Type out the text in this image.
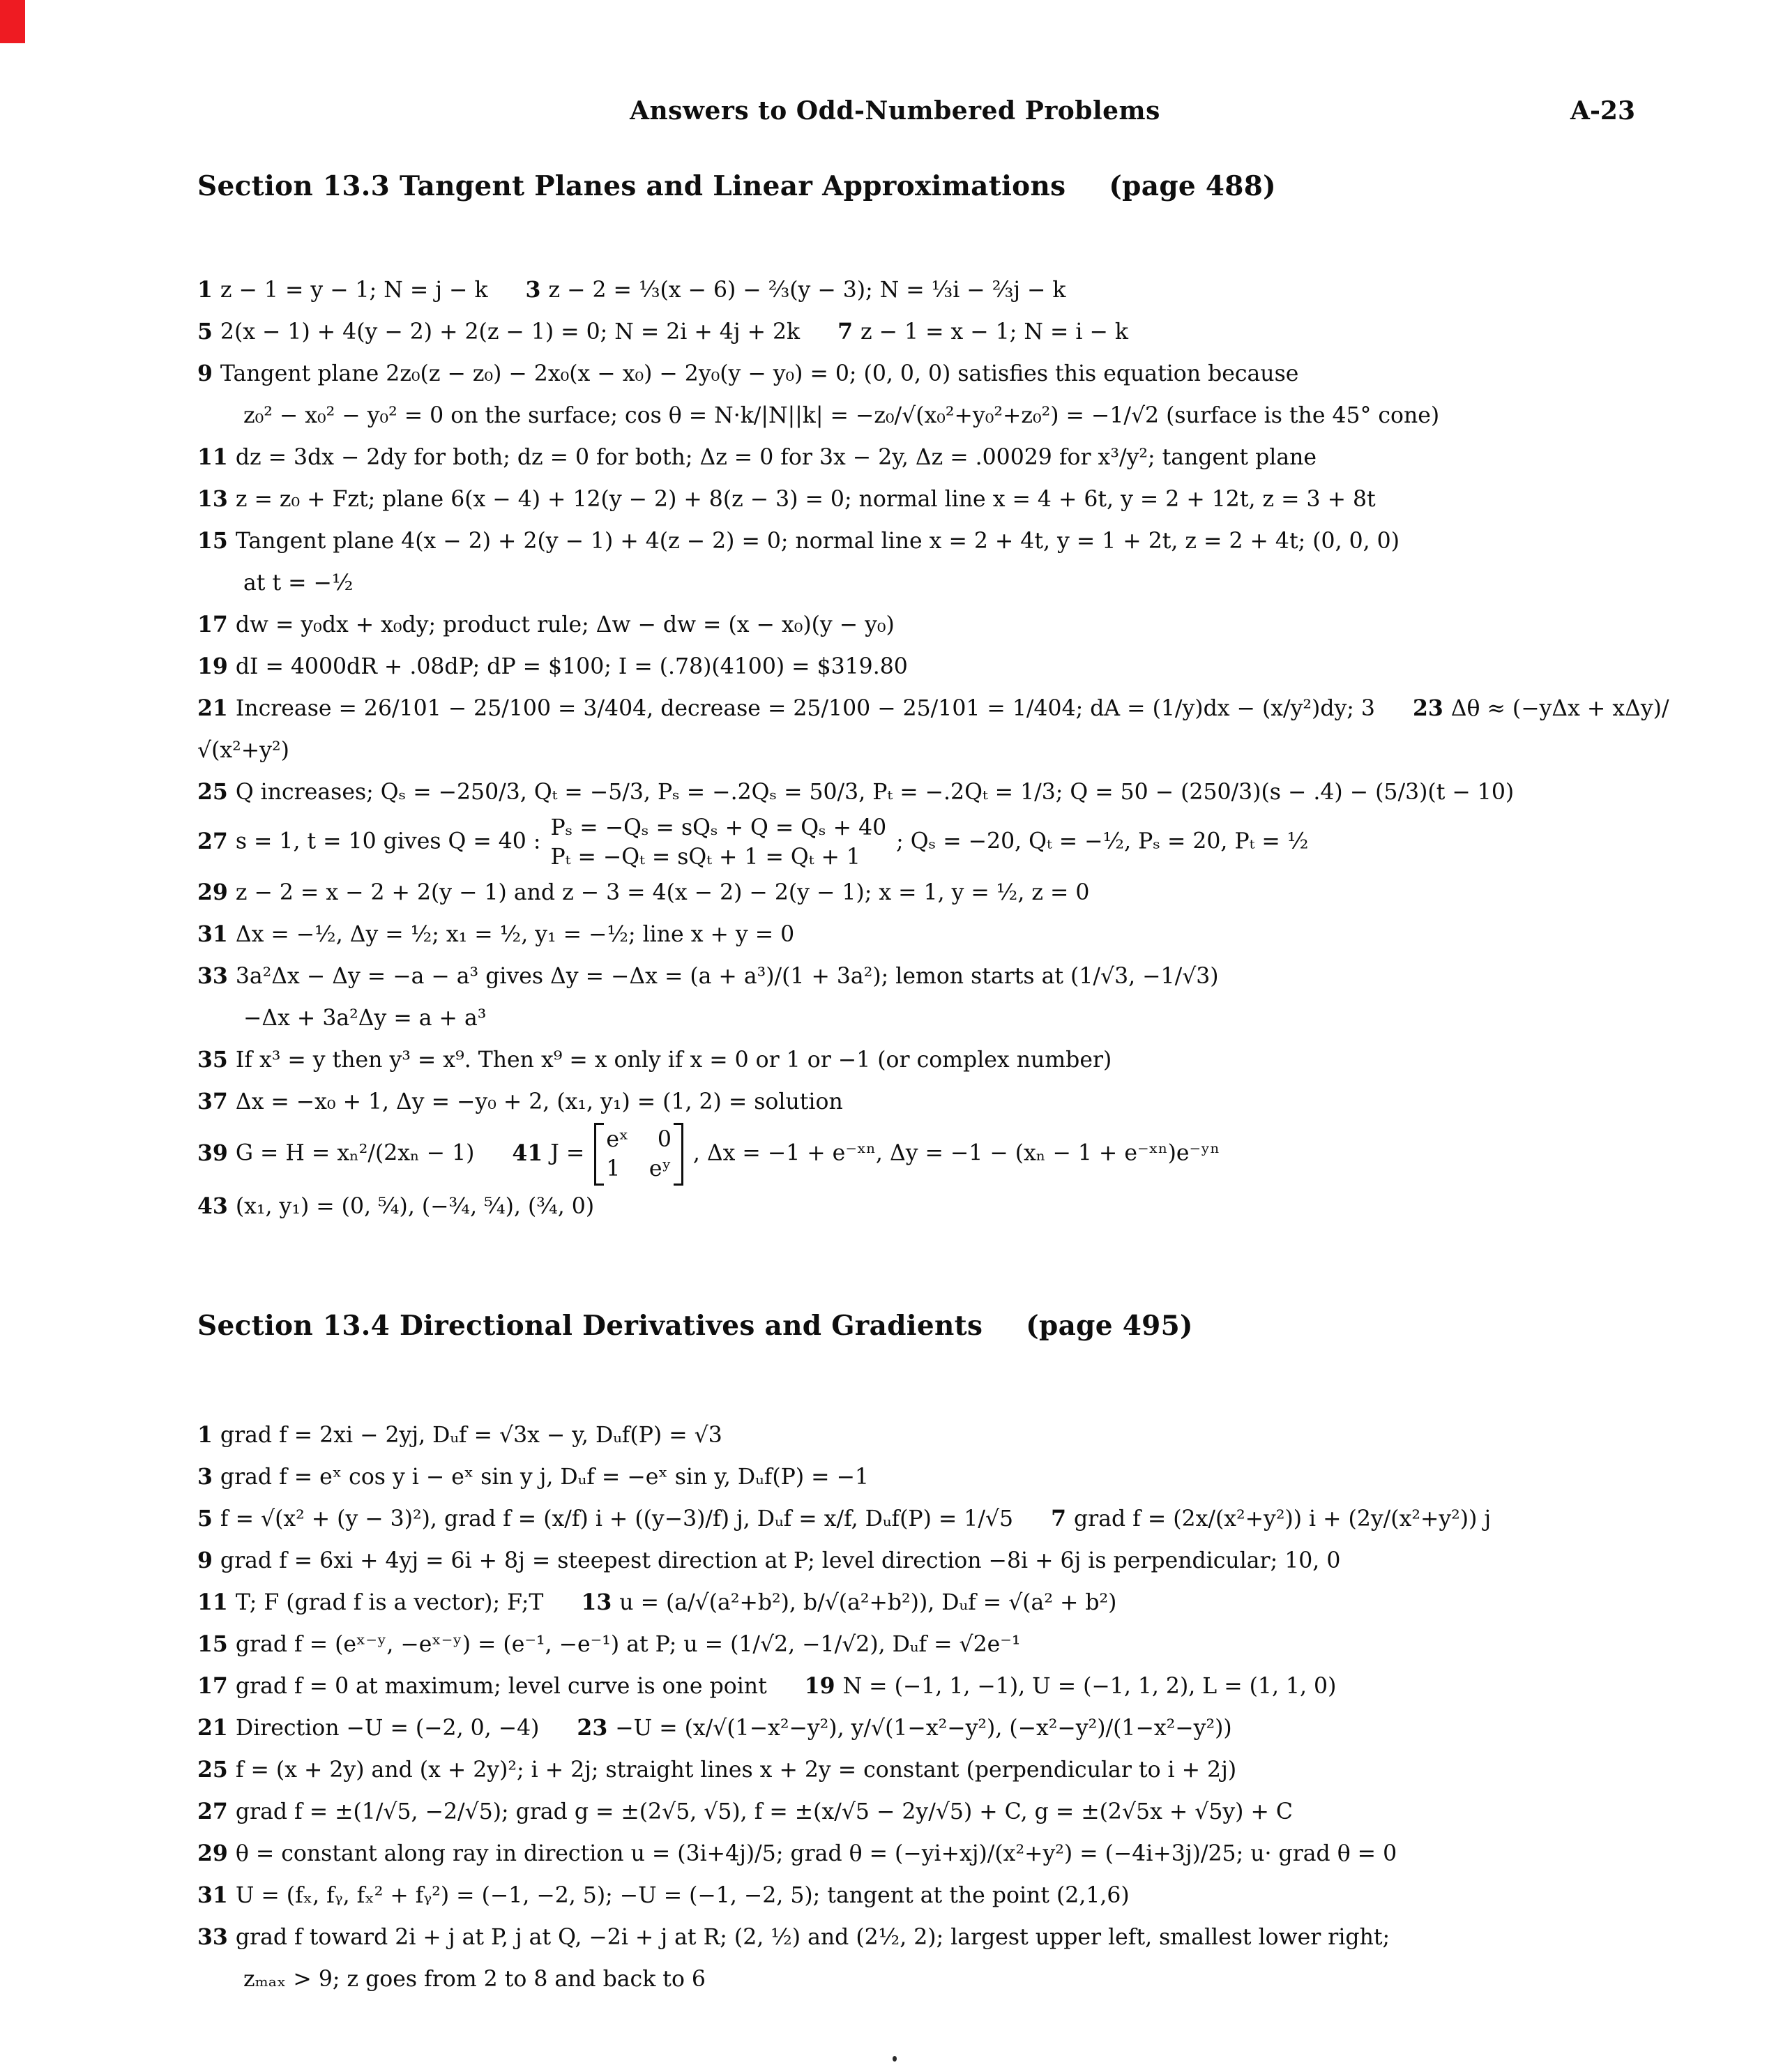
Answers to Odd-Numbered Problems	A-23
Section 13.3 Tangent Planes and Linear Approximations (page 488)
1 z − 1 = y − 1; N = j − k 3 z − 2 = ⅓(x − 6) − ⅔(y − 3); N = ⅓i − ⅔j − k
5 2(x − 1) + 4(y − 2) + 2(z − 1) = 0; N = 2i + 4j + 2k 7 z − 1 = x − 1; N = i − k
9 Tangent plane 2z₀(z − z₀) − 2x₀(x − x₀) − 2y₀(y − y₀) = 0; (0, 0, 0) satisfies this equation because
z₀² − x₀² − y₀² = 0 on the surface; cos θ = N·k/|N||k| = −z₀/√(x₀²+y₀²+z₀²) = −1/√2 (surface is the 45° cone)
11 dz = 3dx − 2dy for both; dz = 0 for both; Δz = 0 for 3x − 2y, Δz = .00029 for x³/y²; tangent plane
13 z = z₀ + Fᴢt; plane 6(x − 4) + 12(y − 2) + 8(z − 3) = 0; normal line x = 4 + 6t, y = 2 + 12t, z = 3 + 8t
15 Tangent plane 4(x − 2) + 2(y − 1) + 4(z − 2) = 0; normal line x = 2 + 4t, y = 1 + 2t, z = 2 + 4t; (0, 0, 0)
at t = −½
17 dw = y₀dx + x₀dy; product rule; Δw − dw = (x − x₀)(y − y₀)
19 dI = 4000dR + .08dP; dP = $100; I = (.78)(4100) = $319.80
21 Increase = 26/101 − 25/100 = 3/404, decrease = 25/100 − 25/101 = 1/404; dA = (1/y)dx − (x/y²)dy; 3 23 Δθ ≈ (−yΔx + xΔy)/√(x²+y²)
25 Q increases; Qₛ = −250/3, Qₜ = −5/3, Pₛ = −.2Qₛ = 50/3, Pₜ = −.2Qₜ = 1/3; Q = 50 − (250/3)(s − .4) − (5/3)(t − 10)
27 s = 1, t = 10 gives Q = 40 :
Pₛ = −Qₛ = sQₛ + Q = Qₛ + 40
Pₜ = −Qₜ = sQₜ + 1 = Qₜ + 1
; Qₛ = −20, Qₜ = −½, Pₛ = 20, Pₜ = ½
29 z − 2 = x − 2 + 2(y − 1) and z − 3 = 4(x − 2) − 2(y − 1); x = 1, y = ½, z = 0
31 Δx = −½, Δy = ½; x₁ = ½, y₁ = −½; line x + y = 0
33 3a²Δx − Δy = −a − a³ gives Δy = −Δx = (a + a³)/(1 + 3a²); lemon starts at (1/√3, −1/√3)
−Δx + 3a²Δy = a + a³
35 If x³ = y then y³ = x⁹. Then x⁹ = x only if x = 0 or 1 or −1 (or complex number)
37 Δx = −x₀ + 1, Δy = −y₀ + 2, (x₁, y₁) = (1, 2) = solution
39 G = H = xₙ²/(2xₙ − 1) 41 J =
eˣ  0
1  eʸ
, Δx = −1 + e⁻ˣⁿ, Δy = −1 − (xₙ − 1 + e⁻ˣⁿ)e⁻ʸⁿ
43 (x₁, y₁) = (0, ⁵⁄₄), (−¾, ⁵⁄₄), (¾, 0)
Section 13.4 Directional Derivatives and Gradients (page 495)
1 grad f = 2xi − 2yj, Dᵤf = √3x − y, Dᵤf(P) = √3
3 grad f = eˣ cos y i − eˣ sin y j, Dᵤf = −eˣ sin y, Dᵤf(P) = −1
5 f = √(x² + (y − 3)²), grad f = (x/f) i + ((y−3)/f) j, Dᵤf = x/f, Dᵤf(P) = 1/√5 7 grad f = (2x/(x²+y²)) i + (2y/(x²+y²)) j
9 grad f = 6xi + 4yj = 6i + 8j = steepest direction at P; level direction −8i + 6j is perpendicular; 10, 0
11 T; F (grad f is a vector); F;T 13 u = (a/√(a²+b²), b/√(a²+b²)), Dᵤf = √(a² + b²)
15 grad f = (eˣ⁻ʸ, −eˣ⁻ʸ) = (e⁻¹, −e⁻¹) at P; u = (1/√2, −1/√2), Dᵤf = √2e⁻¹
17 grad f = 0 at maximum; level curve is one point 19 N = (−1, 1, −1), U = (−1, 1, 2), L = (1, 1, 0)
21 Direction −U = (−2, 0, −4) 23 −U = (x/√(1−x²−y²), y/√(1−x²−y²), (−x²−y²)/(1−x²−y²))
25 f = (x + 2y) and (x + 2y)²; i + 2j; straight lines x + 2y = constant (perpendicular to i + 2j)
27 grad f = ±(1/√5, −2/√5); grad g = ±(2√5, √5), f = ±(x/√5 − 2y/√5) + C, g = ±(2√5x + √5y) + C
29 θ = constant along ray in direction u = (3i+4j)/5; grad θ = (−yi+xj)/(x²+y²) = (−4i+3j)/25; u· grad θ = 0
31 U = (fₓ, fᵧ, fₓ² + fᵧ²) = (−1, −2, 5); −U = (−1, −2, 5); tangent at the point (2,1,6)
33 grad f toward 2i + j at P, j at Q, −2i + j at R; (2, ½) and (2½, 2); largest upper left, smallest lower right;
zₘₐₓ > 9; z goes from 2 to 8 and back to 6
